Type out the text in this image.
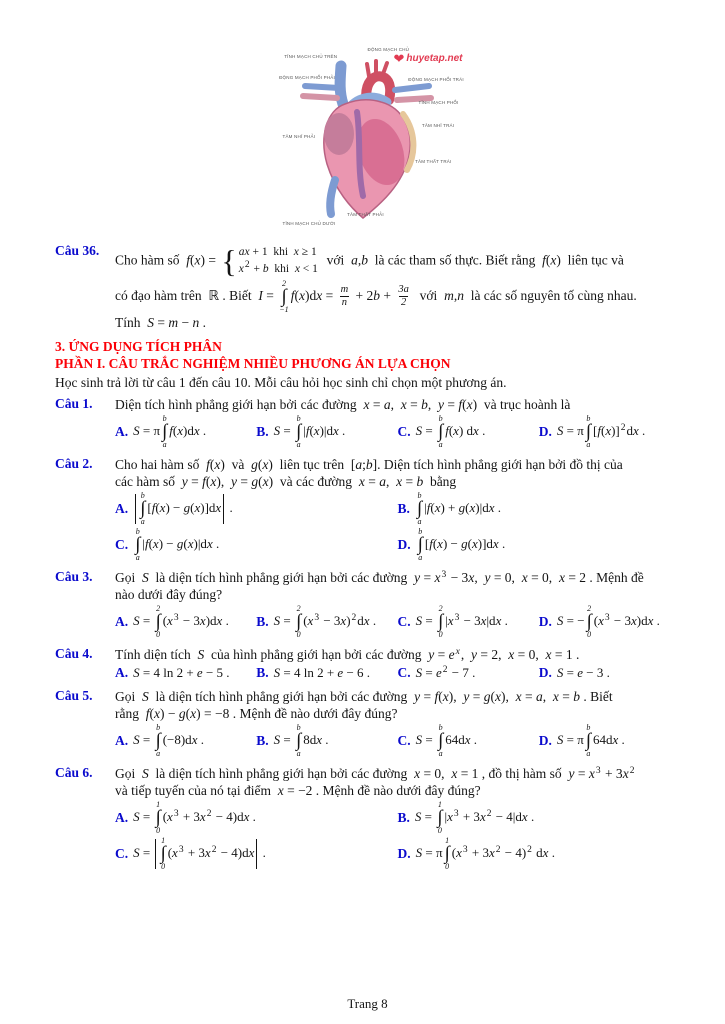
❤ huyetap.net
TĨNH MẠCH CHỦ TRÊN
ĐỘNG MẠCH CHỦ
ĐỘNG MẠCH PHỔI TRÁI
ĐỘNG MẠCH PHỔI PHẢI
TĨNH MẠCH PHỔI
TÂM NHĨ TRÁI
TÂM NHĨ PHẢI
TÂM THẤT TRÁI
TÂM THẤT PHẢI
TĨNH MẠCH CHỦ DƯỚI
Câu 36.
Cho hàm số  f(x) = { ax + 1  khi  x ≥ 1
$x^2 + b$  khi  x < 1
với  a,b  là các tham số thực. Biết rằng  f(x)  liên tục và
có đạo hàm trên  ℝ . Biết  I =
2
∫
−1
$f(x)dx = \frac{m}{n} + 2b + \frac{3a}{2}$ với  m,n  là các số nguyên tố cùng nhau.
Tính  S = m − n .
3. ỨNG DỤNG TÍCH PHÂN
PHẦN I. CÂU TRẮC NGHIỆM NHIỀU PHƯƠNG ÁN LỰA CHỌN
Học sinh trả lời từ câu 1 đến câu 10. Mỗi câu hỏi học sinh chỉ chọn một phương án.
Câu 1.	Diện tích hình phẳng giới hạn bởi các đường  x = a,  x = b,  y = f(x)  và trục hoành là
A. S = π
b
∫
a
f(x)dx .	B. S =
b
∫
a
|f(x)|dx .	C. S =
b
∫
a
f(x) dx .	D. S = π
b
∫
a
$[f(x)]^2dx$ .
Câu 2.	Cho hai hàm số  f(x)  và  g(x)  liên tục trên  [a;b]. Diện tích hình phẳng giới hạn bởi đồ thị của
các hàm số  y = f(x),  y = g(x)  và các đường  x = a,  x = b  bằng
A.
b
∫
a
[f(x) − g(x)]dx .	B.
b
∫
a
|f(x) + g(x)|dx .
C.
b
∫
a
|f(x) − g(x)|dx .	D.
b
∫
a
[f(x) − g(x)]dx .
Câu 3.	Gọi  S  là diện tích hình phẳng giới hạn bởi các đường  $y = x^3 - 3x$,  y = 0,  x = 0,  x = 2 . Mệnh đề
nào dưới đây đúng?
A. S =
2
∫
0
$(x^3 - 3x)dx$ . B. S =
2
∫
0
$(x^3 - 3x)^2dx$ . C. S =
2
∫
0
$|x^3 - 3x|dx$ . D. S = −
2
∫
0
$(x^3 - 3x)dx$ .
Câu 4.	Tính diện tích  S  của hình phẳng giới hạn bởi các đường  $y = e^x$,  y = 2,  x = 0,  x = 1 .
A. S = 4 ln 2 + e − 5 . B. S = 4 ln 2 + e − 6 . C. $S = e^2 - 7$ .	D. S = e − 3 .
Câu 5.	Gọi  S  là diện tích hình phẳng giới hạn bởi các đường  y = f(x),  y = g(x),  x = a,  x = b . Biết
rằng  f(x) − g(x) = −8 . Mệnh đề nào dưới đây đúng?
A. S =
b
∫
a
(−8)dx .	B. S =
b
∫
a
8dx .	C. S =
b
∫
a
64dx .	D. S = π
b
∫
a
64dx .
Câu 6.	Gọi  S  là diện tích hình phẳng giới hạn bởi các đường  x = 0,  x = 1 , đồ thị hàm số  $y = x^3 + 3x^2$
và tiếp tuyến của nó tại điểm  x = −2 . Mệnh đề nào dưới đây đúng?
A. S =
1
∫
0
$(x^3 + 3x^2 - 4)dx$ .	B. S =
1
∫
0
$|x^3 + 3x^2 - 4|dx$ .
C. S =
1
∫
0
$(x^3 + 3x^2 - 4)dx$ .	D. S = π
1
∫
0
$(x^3 + 3x^2 - 4)^2$ dx .
Trang 8
